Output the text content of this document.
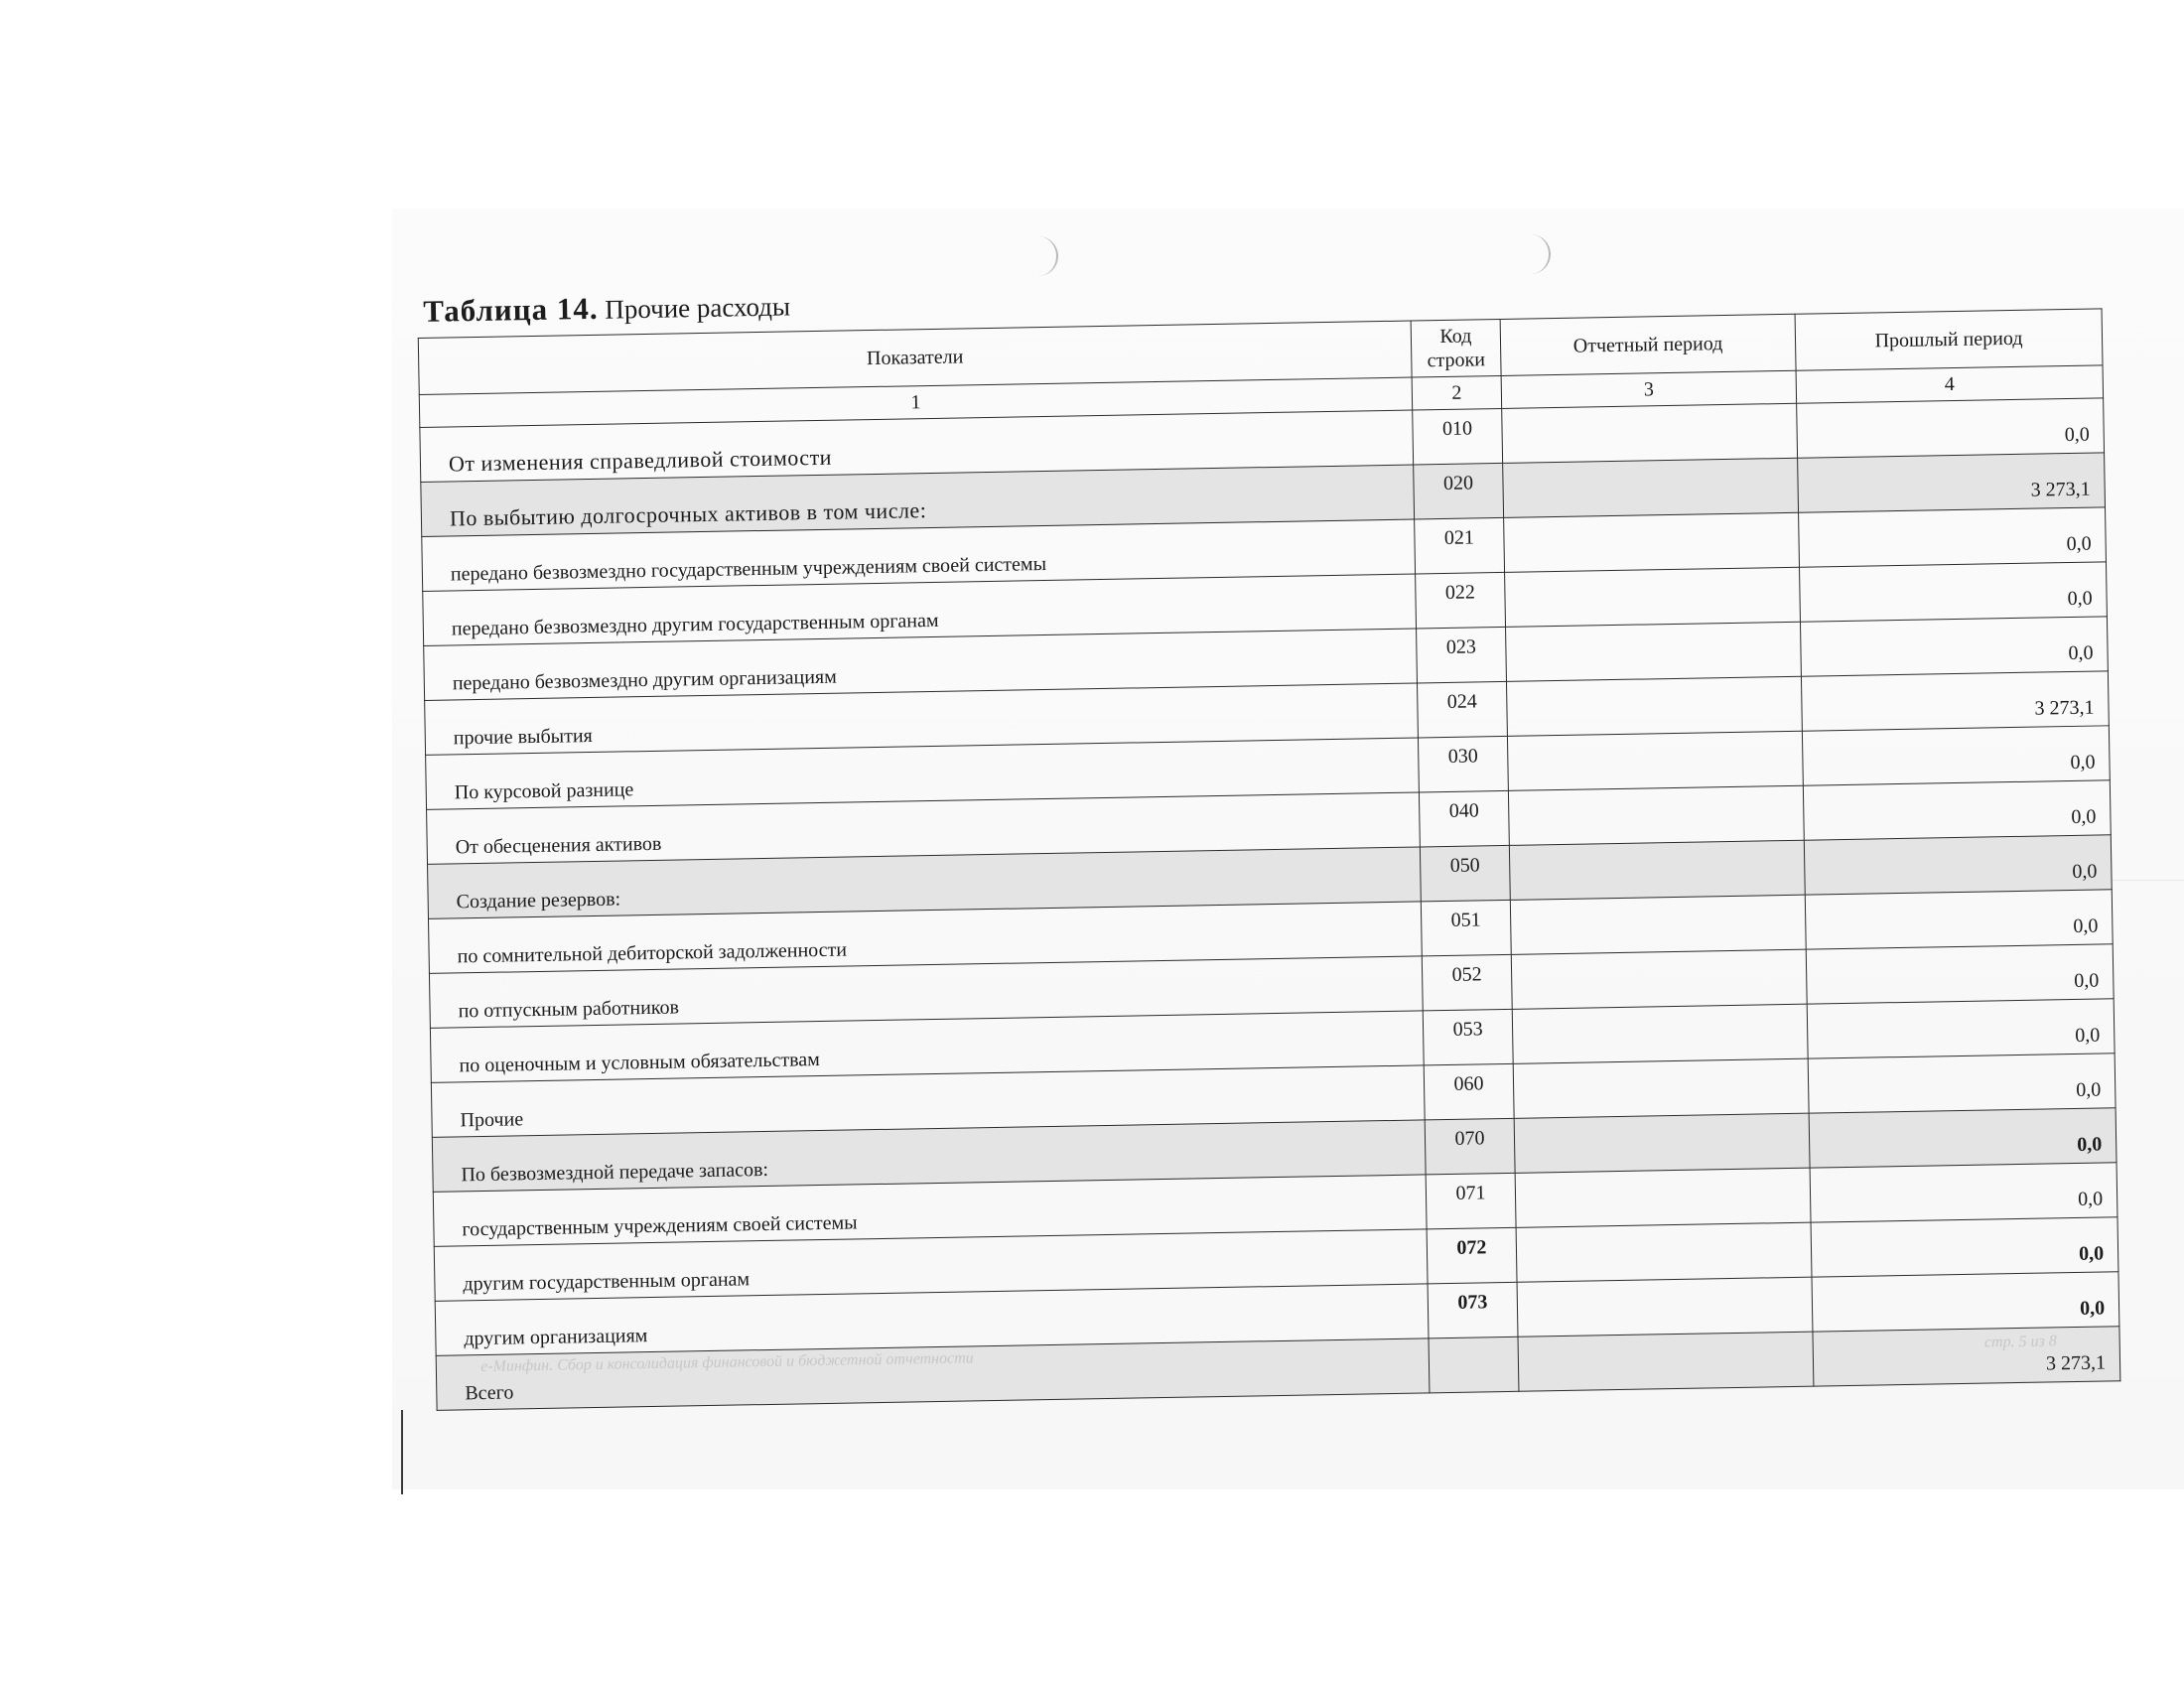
Таблица 14. Прочие расходы
Показатели	Код строки	Отчетный период	Прошлый период
1	2	3	4
От изменения справедливой стоимости	010		0,0
По выбытию долгосрочных активов в том числе:	020		3 273,1
передано безвозмездно государственным учреждениям своей системы	021		0,0
передано безвозмездно другим государственным органам	022		0,0
передано безвозмездно другим организациям	023		0,0
прочие выбытия	024		3 273,1
По курсовой разнице	030		0,0
От обесценения активов	040		0,0
Создание резервов:	050		0,0
по сомнительной дебиторской задолженности	051		0,0
по отпускным работников	052		0,0
по оценочным и условным обязательствам	053		0,0
Прочие	060		0,0
По безвозмездной передаче запасов:	070		0,0
государственным учреждениям своей системы	071		0,0
другим государственным органам	072		0,0
другим организациям	073		0,0
Всего			3 273,1
e-Минфин. Сбор и консолидация финансовой и бюджетной отчетности
стр. 5 из 8
